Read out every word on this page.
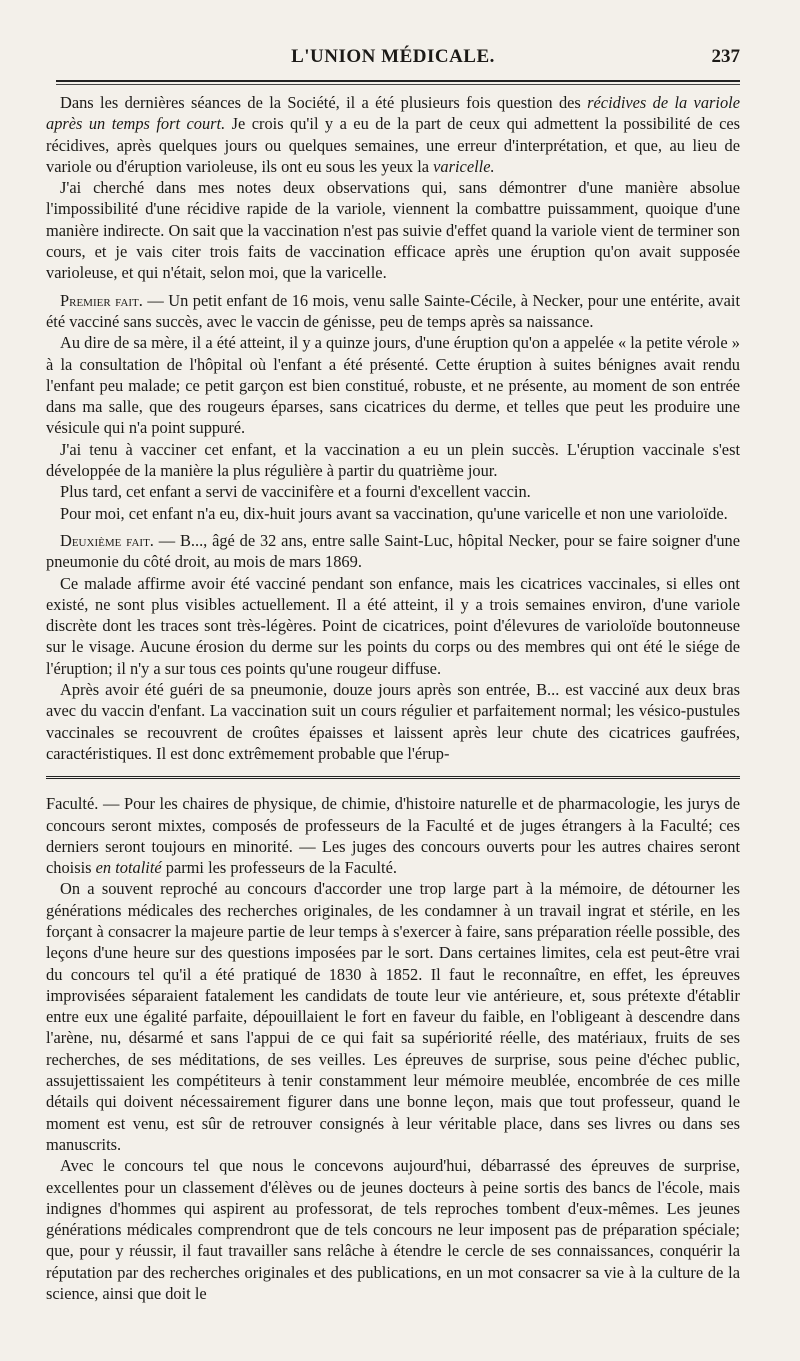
L'UNION MÉDICALE.	237

Dans les dernières séances de la Société, il a été plusieurs fois question des récidives de la variole après un temps fort court. Je crois qu'il y a eu de la part de ceux qui admettent la possibilité de ces récidives, après quelques jours ou quelques semaines, une erreur d'interprétation, et que, au lieu de variole ou d'éruption varioleuse, ils ont eu sous les yeux la varicelle.

J'ai cherché dans mes notes deux observations qui, sans démontrer d'une manière absolue l'impossibilité d'une récidive rapide de la variole, viennent la combattre puissamment, quoique d'une manière indirecte. On sait que la vaccination n'est pas suivie d'effet quand la variole vient de terminer son cours, et je vais citer trois faits de vaccination efficace après une éruption qu'on avait supposée varioleuse, et qui n'était, selon moi, que la varicelle.

Premier fait. — Un petit enfant de 16 mois, venu salle Sainte-Cécile, à Necker, pour une entérite, avait été vacciné sans succès, avec le vaccin de génisse, peu de temps après sa naissance.

Au dire de sa mère, il a été atteint, il y a quinze jours, d'une éruption qu'on a appelée « la petite vérole » à la consultation de l'hôpital où l'enfant a été présenté. Cette éruption à suites bénignes avait rendu l'enfant peu malade; ce petit garçon est bien constitué, robuste, et ne présente, au moment de son entrée dans ma salle, que des rougeurs éparses, sans cicatrices du derme, et telles que peut les produire une vésicule qui n'a point suppuré.

J'ai tenu à vacciner cet enfant, et la vaccination a eu un plein succès. L'éruption vaccinale s'est développée de la manière la plus régulière à partir du quatrième jour.

Plus tard, cet enfant a servi de vaccinifère et a fourni d'excellent vaccin.

Pour moi, cet enfant n'a eu, dix-huit jours avant sa vaccination, qu'une varicelle et non une varioloïde.

Deuxième fait. — B..., âgé de 32 ans, entre salle Saint-Luc, hôpital Necker, pour se faire soigner d'une pneumonie du côté droit, au mois de mars 1869.

Ce malade affirme avoir été vacciné pendant son enfance, mais les cicatrices vaccinales, si elles ont existé, ne sont plus visibles actuellement. Il a été atteint, il y a trois semaines environ, d'une variole discrète dont les traces sont très-légères. Point de cicatrices, point d'élevures de varioloïde boutonneuse sur le visage. Aucune érosion du derme sur les points du corps ou des membres qui ont été le siége de l'éruption; il n'y a sur tous ces points qu'une rougeur diffuse.

Après avoir été guéri de sa pneumonie, douze jours après son entrée, B... est vacciné aux deux bras avec du vaccin d'enfant. La vaccination suit un cours régulier et parfaitement normal; les vésico-pustules vaccinales se recouvrent de croûtes épaisses et laissent après leur chute des cicatrices gaufrées, caractéristiques. Il est donc extrêmement probable que l'érup-

Faculté. — Pour les chaires de physique, de chimie, d'histoire naturelle et de pharmacologie, les jurys de concours seront mixtes, composés de professeurs de la Faculté et de juges étrangers à la Faculté; ces derniers seront toujours en minorité. — Les juges des concours ouverts pour les autres chaires seront choisis en totalité parmi les professeurs de la Faculté.

On a souvent reproché au concours d'accorder une trop large part à la mémoire, de détourner les générations médicales des recherches originales, de les condamner à un travail ingrat et stérile, en les forçant à consacrer la majeure partie de leur temps à s'exercer à faire, sans préparation réelle possible, des leçons d'une heure sur des questions imposées par le sort. Dans certaines limites, cela est peut-être vrai du concours tel qu'il a été pratiqué de 1830 à 1852. Il faut le reconnaître, en effet, les épreuves improvisées séparaient fatalement les candidats de toute leur vie antérieure, et, sous prétexte d'établir entre eux une égalité parfaite, dépouillaient le fort en faveur du faible, en l'obligeant à descendre dans l'arène, nu, désarmé et sans l'appui de ce qui fait sa supériorité réelle, des matériaux, fruits de ses recherches, de ses méditations, de ses veilles. Les épreuves de surprise, sous peine d'échec public, assujettissaient les compétiteurs à tenir constamment leur mémoire meublée, encombrée de ces mille détails qui doivent nécessairement figurer dans une bonne leçon, mais que tout professeur, quand le moment est venu, est sûr de retrouver consignés à leur véritable place, dans ses livres ou dans ses manuscrits.

Avec le concours tel que nous le concevons aujourd'hui, débarrassé des épreuves de surprise, excellentes pour un classement d'élèves ou de jeunes docteurs à peine sortis des bancs de l'école, mais indignes d'hommes qui aspirent au professorat, de tels reproches tombent d'eux-mêmes. Les jeunes générations médicales comprendront que de tels concours ne leur imposent pas de préparation spéciale; que, pour y réussir, il faut travailler sans relâche à étendre le cercle de ses connaissances, conquérir la réputation par des recherches originales et des publications, en un mot consacrer sa vie à la culture de la science, ainsi que doit le
